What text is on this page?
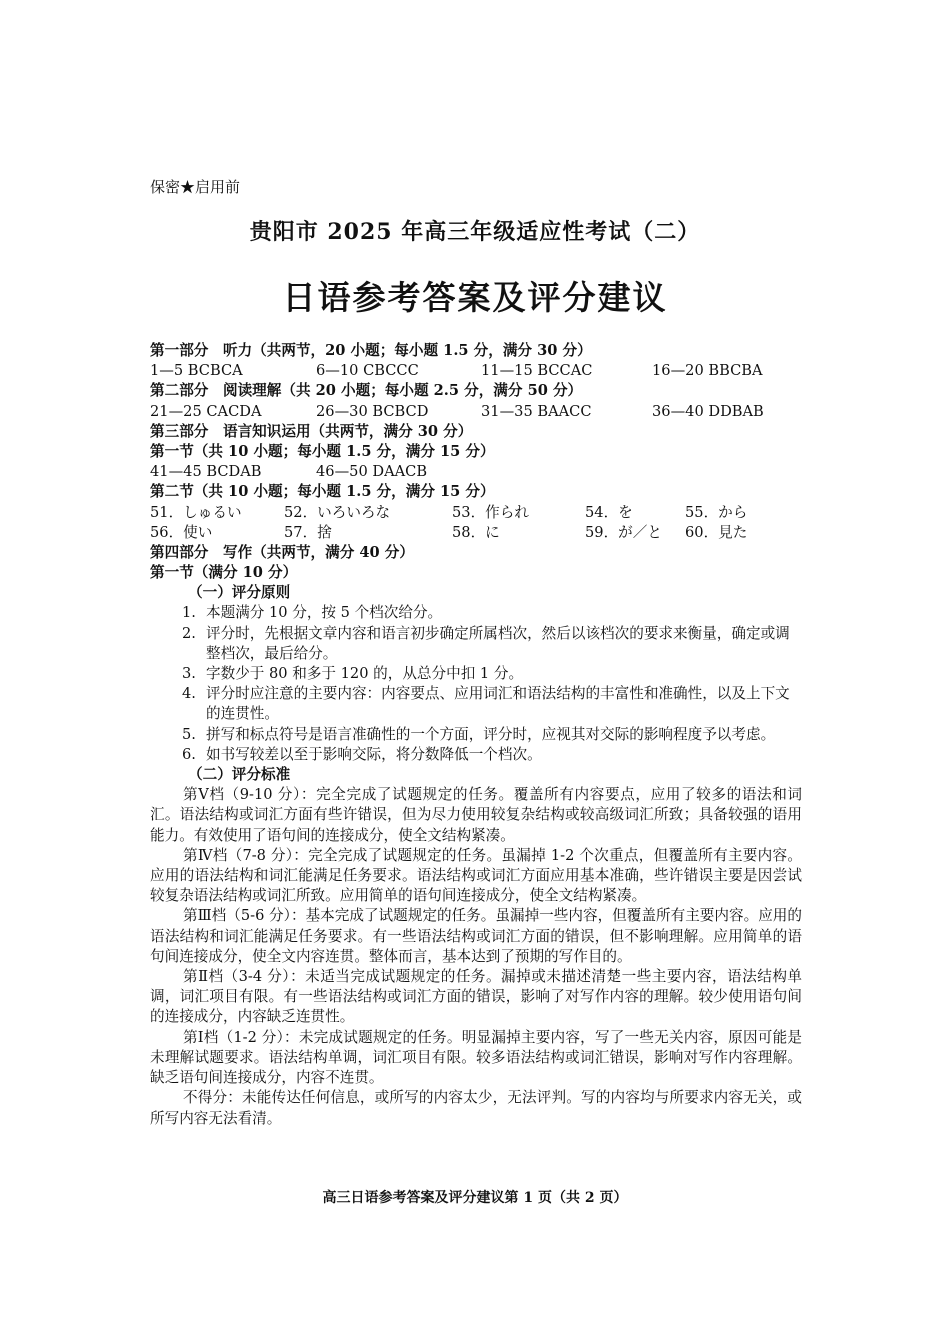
保密★启用前
贵阳市 2025 年高三年级适应性考试（二）
日语参考答案及评分建议
第一部分　听力（共两节，20 小题；每小题 1.5 分，满分 30 分）
1—5 BCBCA	6—10 CBCCC	11—15 BCCAC	16—20 BBCBA
第二部分　阅读理解（共 20 小题；每小题 2.5 分，满分 50 分）
21—25 CACDA	26—30 BCBCD	31—35 BAACC	36—40 DDBAB
第三部分　语言知识运用（共两节，满分 30 分）
第一节（共 10 小题；每小题 1.5 分，满分 15 分）
41—45 BCDAB	46—50 DAACB
第二节（共 10 小题；每小题 1.5 分，满分 15 分）
51．しゅるい	52．いろいろな	53．作られ	54．を	55．から
56．使い	57．捨	58．に	59．が／と 60．見た
第四部分　写作（共两节，满分 40 分）
第一节（满分 10 分）
（一）评分原则
1. 本题满分 10 分，按 5 个档次给分。
2. 评分时，先根据文章内容和语言初步确定所属档次，然后以该档次的要求来衡量，确定或调整档次，最后给分。
3. 字数少于 80 和多于 120 的，从总分中扣 1 分。
4. 评分时应注意的主要内容：内容要点、应用词汇和语法结构的丰富性和准确性，以及上下文的连贯性。
5. 拼写和标点符号是语言准确性的一个方面，评分时，应视其对交际的影响程度予以考虑。
6. 如书写较差以至于影响交际，将分数降低一个档次。
（二）评分标准
第Ⅴ档（9-10 分）：完全完成了试题规定的任务。覆盖所有内容要点，应用了较多的语法和词汇。语法结构或词汇方面有些许错误，但为尽力使用较复杂结构或较高级词汇所致；具备较强的语用能力。有效使用了语句间的连接成分，使全文结构紧凑。
第Ⅳ档（7-8 分）：完全完成了试题规定的任务。虽漏掉 1-2 个次重点，但覆盖所有主要内容。应用的语法结构和词汇能满足任务要求。语法结构或词汇方面应用基本准确，些许错误主要是因尝试较复杂语法结构或词汇所致。应用简单的语句间连接成分，使全文结构紧凑。
第Ⅲ档（5-6 分）：基本完成了试题规定的任务。虽漏掉一些内容，但覆盖所有主要内容。应用的语法结构和词汇能满足任务要求。有一些语法结构或词汇方面的错误，但不影响理解。应用简单的语句间连接成分，使全文内容连贯。整体而言，基本达到了预期的写作目的。
第Ⅱ档（3-4 分）：未适当完成试题规定的任务。漏掉或未描述清楚一些主要内容，语法结构单调，词汇项目有限。有一些语法结构或词汇方面的错误，影响了对写作内容的理解。较少使用语句间的连接成分，内容缺乏连贯性。
第Ⅰ档（1-2 分）：未完成试题规定的任务。明显漏掉主要内容，写了一些无关内容，原因可能是未理解试题要求。语法结构单调，词汇项目有限。较多语法结构或词汇错误，影响对写作内容理解。缺乏语句间连接成分，内容不连贯。
不得分：未能传达任何信息，或所写的内容太少，无法评判。写的内容均与所要求内容无关，或所写内容无法看清。
高三日语参考答案及评分建议第 1 页（共 2 页）
